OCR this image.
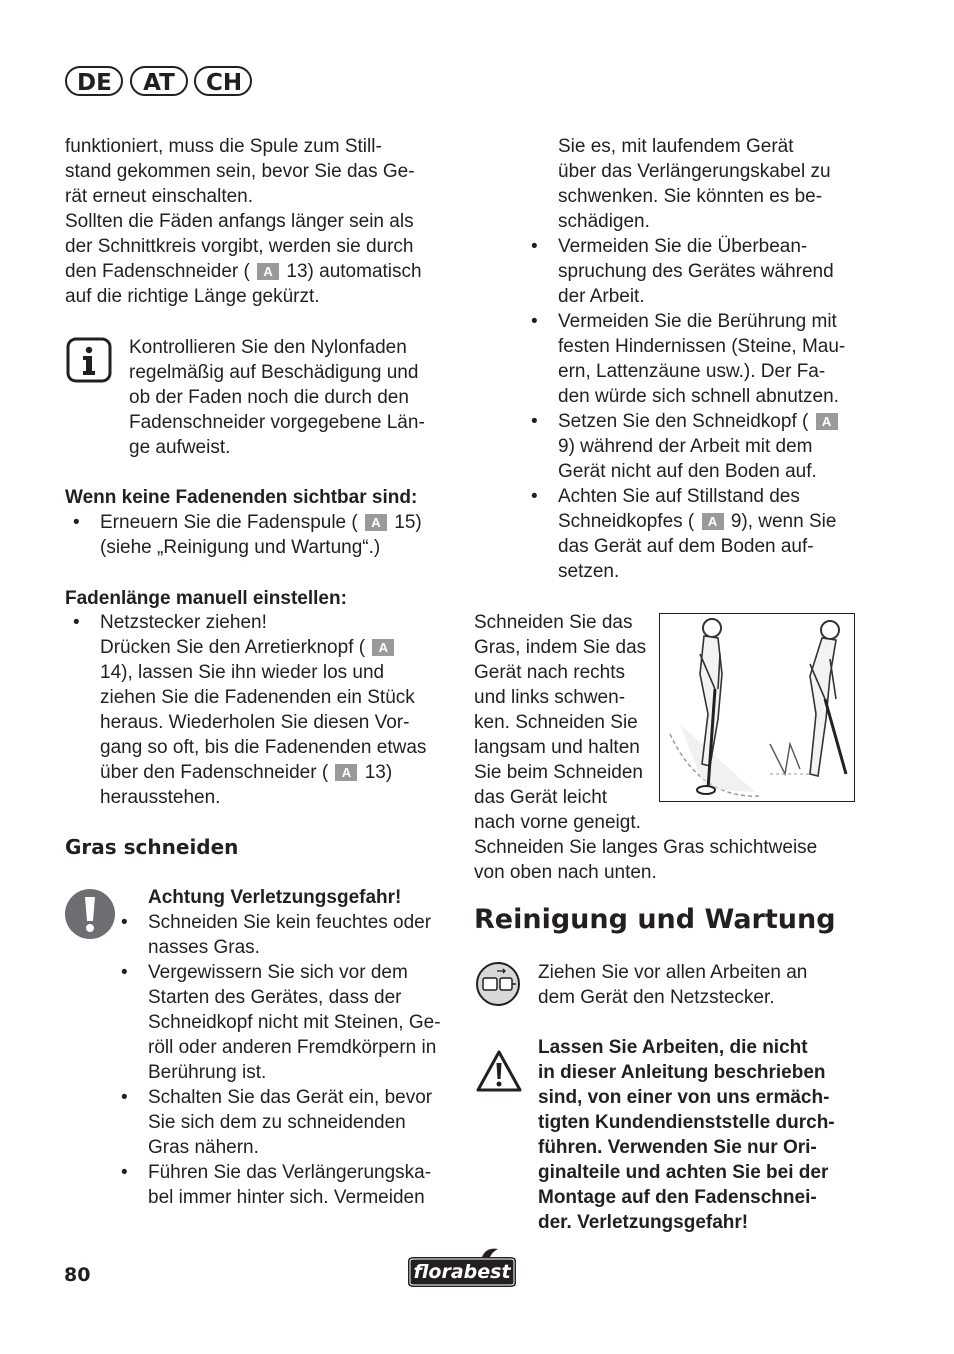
DE	AT	CH
funktioniert, muss die Spule zum Still-
stand gekommen sein, bevor Sie das Ge-
rät erneut einschalten.
Sollten die Fäden anfangs länger sein als
der Schnittkreis vorgibt, werden sie durch
den Fadenschneider ( A 13) automatisch
auf die richtige Länge gekürzt.
Kontrollieren Sie den Nylonfaden
regelmäßig auf Beschädigung und
ob der Faden noch die durch den
Fadenschneider vorgegebene Län-
ge aufweist.
Wenn keine Fadenenden sichtbar sind:
• Erneuern Sie die Fadenspule ( A 15)
(siehe „Reinigung und Wartung“.)
Fadenlänge manuell einstellen:
• Netzstecker ziehen!
Drücken Sie den Arretierknopf ( A
14), lassen Sie ihn wieder los und
ziehen Sie die Fadenenden ein Stück
heraus. Wiederholen Sie diesen Vor-
gang so oft, bis die Fadenenden etwas
über den Fadenschneider ( A 13)
herausstehen.
Gras schneiden
Achtung Verletzungsgefahr!
• Schneiden Sie kein feuchtes oder
nasses Gras.
• Vergewissern Sie sich vor dem
Starten des Gerätes, dass der
Schneidkopf nicht mit Steinen, Ge-
röll oder anderen Fremdkörpern in
Berührung ist.
• Schalten Sie das Gerät ein, bevor
Sie sich dem zu schneidenden
Gras nähern.
• Führen Sie das Verlängerungska-
bel immer hinter sich. Vermeiden
Sie es, mit laufendem Gerät
über das Verlängerungskabel zu
schwenken. Sie könnten es be-
schädigen.
• Vermeiden Sie die Überbean-
spruchung des Gerätes während
der Arbeit.
• Vermeiden Sie die Berührung mit
festen Hindernissen (Steine, Mau-
ern, Lattenzäune usw.). Der Fa-
den würde sich schnell abnutzen.
• Setzen Sie den Schneidkopf ( A
9) während der Arbeit mit dem
Gerät nicht auf den Boden auf.
• Achten Sie auf Stillstand des
Schneidkopfes ( A 9), wenn Sie
das Gerät auf dem Boden auf-
setzen.
Schneiden Sie das
Gras, indem Sie das
Gerät nach rechts
und links schwen-
ken. Schneiden Sie
langsam und halten
Sie beim Schneiden
das Gerät leicht
nach vorne geneigt.
Schneiden Sie langes Gras schichtweise
von oben nach unten.
Reinigung und Wartung
Ziehen Sie vor allen Arbeiten an
dem Gerät den Netzstecker.
Lassen Sie Arbeiten, die nicht
in dieser Anleitung beschrieben
sind, von einer von uns ermäch-
tigten Kundendienststelle durch-
führen. Verwenden Sie nur Ori-
ginalteile und achten Sie bei der
Montage auf den Fadenschnei-
der. Verletzungsgefahr!
80	florabest
